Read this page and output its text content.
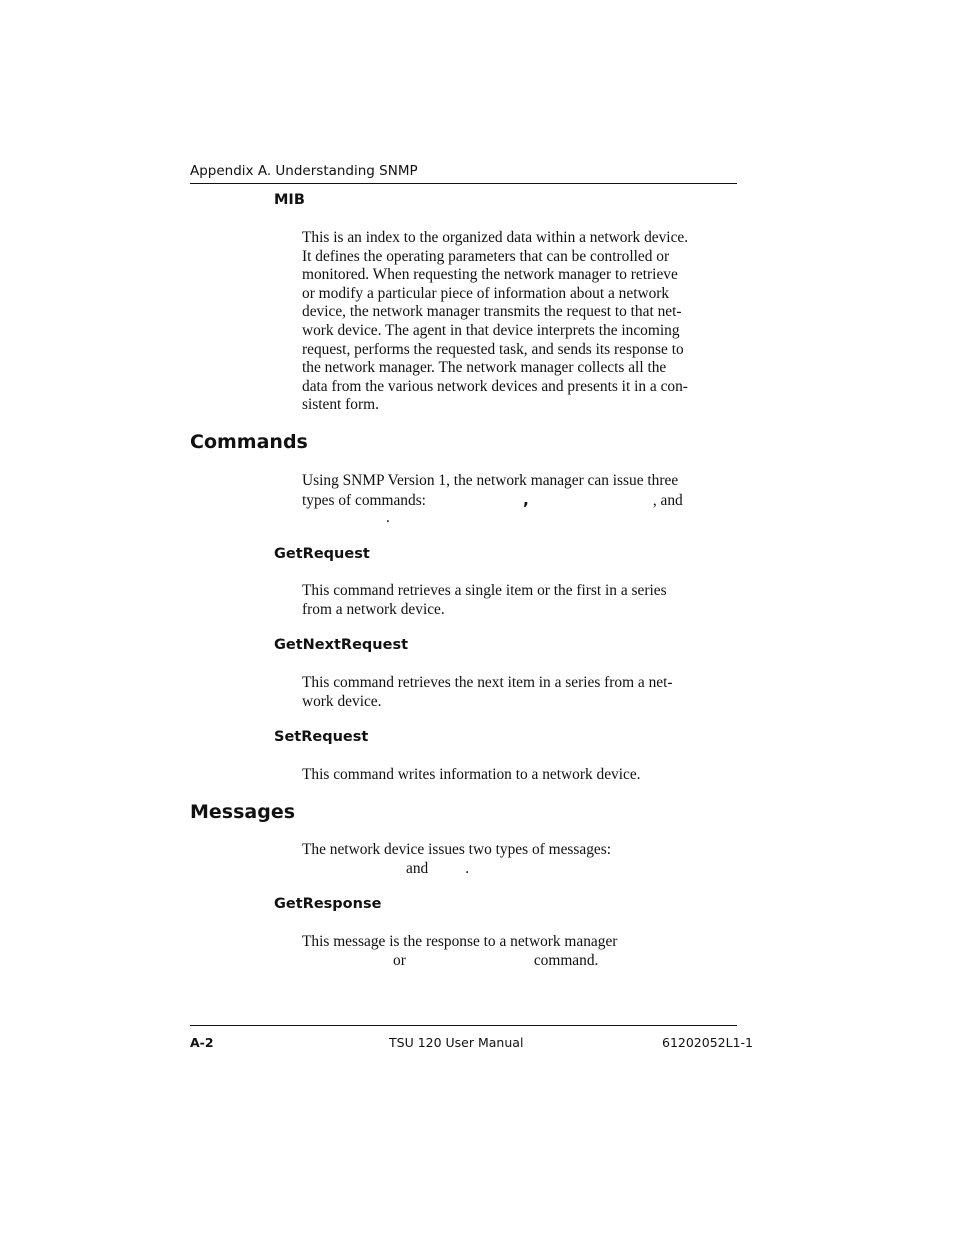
Appendix A. Understanding SNMP
MIB
This is an index to the organized data within a network device.
It defines the operating parameters that can be controlled or
monitored. When requesting the network manager to retrieve
or modify a particular piece of information about a network
device, the network manager transmits the request to that net-
work device. The agent in that device interprets the incoming
request, performs the requested task, and sends its response to
the network manager. The network manager collects all the
data from the various network devices and presents it in a con-
sistent form.
Commands
Using SNMP Version 1, the network manager can issue three
types of commands:	,	, and
.
GetRequest
This command retrieves a single item or the first in a series
from a network device.
GetNextRequest
This command retrieves the next item in a series from a net-
work device.
SetRequest
This command writes information to a network device.
Messages
The network device issues two types of messages:
and .
GetResponse
This message is the response to a network manager
or	command.
A-2	TSU 120 User Manual	61202052L1-1
